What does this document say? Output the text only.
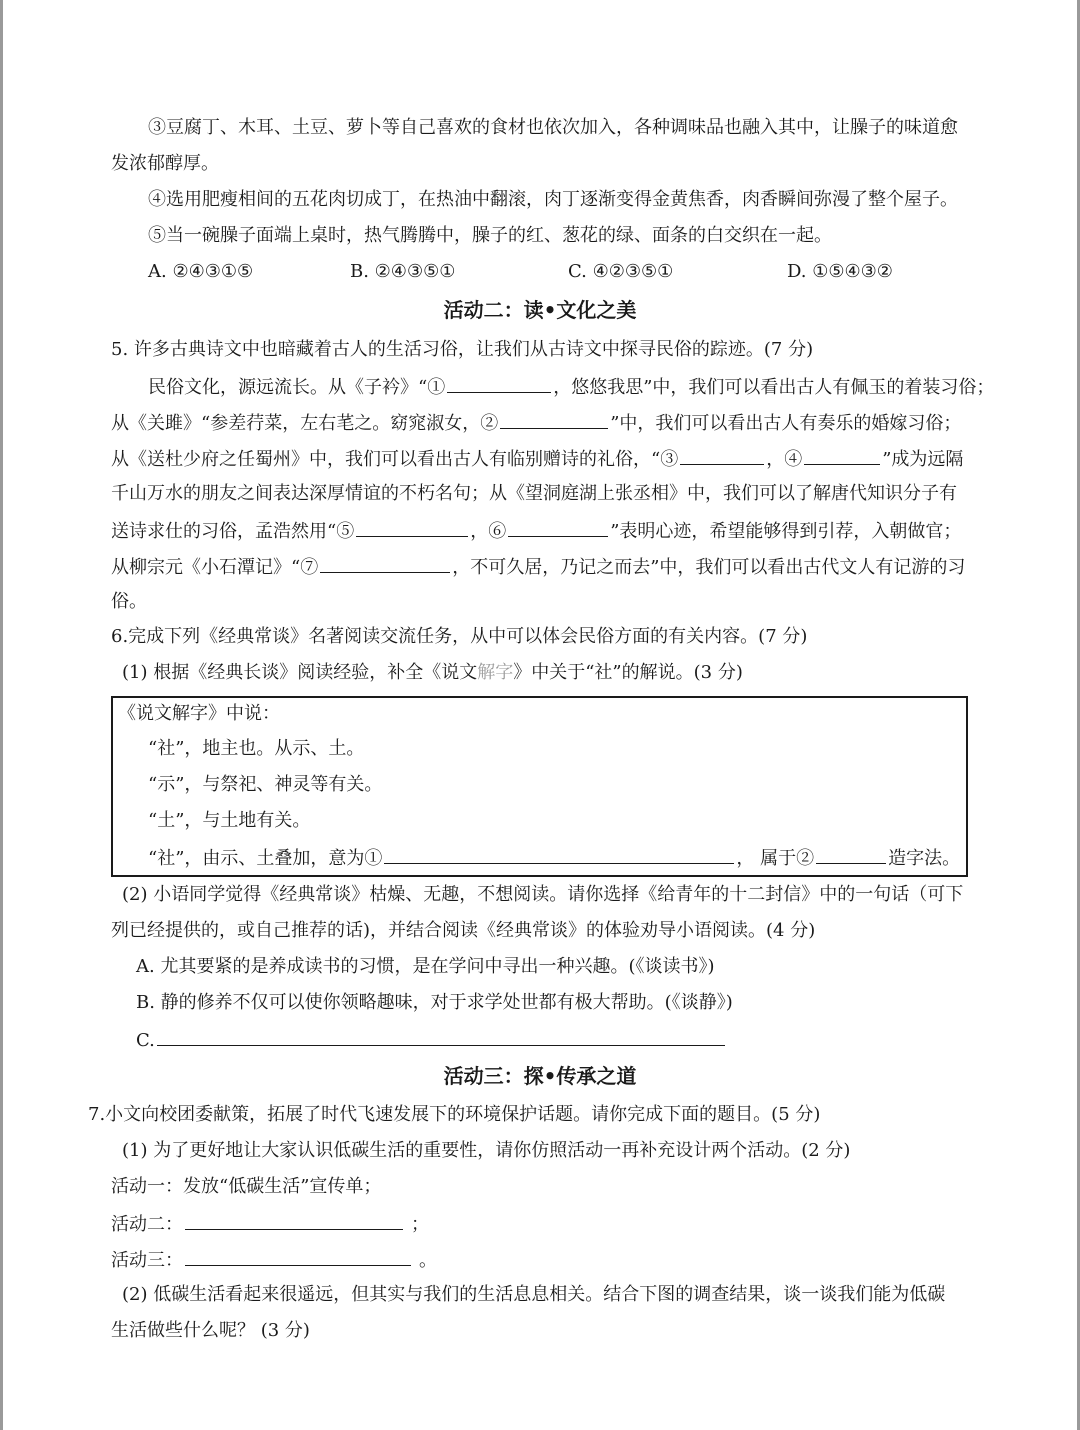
③豆腐丁、木耳、土豆、萝卜等自己喜欢的食材也依次加入，各种调味品也融入其中，让臊子的味道愈
发浓郁醇厚。
④选用肥瘦相间的五花肉切成丁，在热油中翻滚，肉丁逐渐变得金黄焦香，肉香瞬间弥漫了整个屋子。
⑤当一碗臊子面端上桌时，热气腾腾中，臊子的红、葱花的绿、面条的白交织在一起。
A. ②④③①⑤	B. ②④③⑤①	C. ④②③⑤①	D. ①⑤④③②
活动二：读•文化之美
5. 许多古典诗文中也暗藏着古人的生活习俗，让我们从古诗文中探寻民俗的踪迹。(7 分)
民俗文化，源远流长。从《子衿》“①	，悠悠我思”中，我们可以看出古人有佩玉的着装习俗；
从《关雎》“参差荇菜，左右芼之。窈窕淑女，②	”中，我们可以看出古人有奏乐的婚嫁习俗；
从《送杜少府之任蜀州》中，我们可以看出古人有临别赠诗的礼俗，“③	，④	”成为远隔
千山万水的朋友之间表达深厚情谊的不朽名句；从《望洞庭湖上张丞相》中，我们可以了解唐代知识分子有
送诗求仕的习俗，孟浩然用“⑤	，⑥	”表明心迹，希望能够得到引荐，入朝做官；
从柳宗元《小石潭记》“⑦	，不可久居，乃记之而去”中，我们可以看出古代文人有记游的习
俗。
6.完成下列《经典常谈》名著阅读交流任务，从中可以体会民俗方面的有关内容。(7 分)
(1) 根据《经典长谈》阅读经验，补全《说文解字》中关于“社”的解说。(3 分)
《说文解字》中说：
“社”，地主也。从示、土。
“示”，与祭祀、神灵等有关。
“土”，与土地有关。
“社”，由示、土叠加，意为①	， 属于②	造字法。
(2) 小语同学觉得《经典常谈》枯燥、无趣，不想阅读。请你选择《给青年的十二封信》中的一句话（可下
列已经提供的，或自己推荐的话)，并结合阅读《经典常谈》的体验劝导小语阅读。(4 分)
A. 尤其要紧的是养成读书的习惯，是在学问中寻出一种兴趣。(《谈读书》)
B. 静的修养不仅可以使你领略趣味，对于求学处世都有极大帮助。(《谈静》)
C.
活动三：探•传承之道
7.小文向校团委献策，拓展了时代飞速发展下的环境保护话题。请你完成下面的题目。(5 分)
(1) 为了更好地让大家认识低碳生活的重要性，请你仿照活动一再补充设计两个活动。(2 分)
活动一：发放“低碳生活”宣传单；
活动二：	；
活动三：	。
(2) 低碳生活看起来很遥远，但其实与我们的生活息息相关。结合下图的调查结果，谈一谈我们能为低碳
生活做些什么呢？ (3 分)
